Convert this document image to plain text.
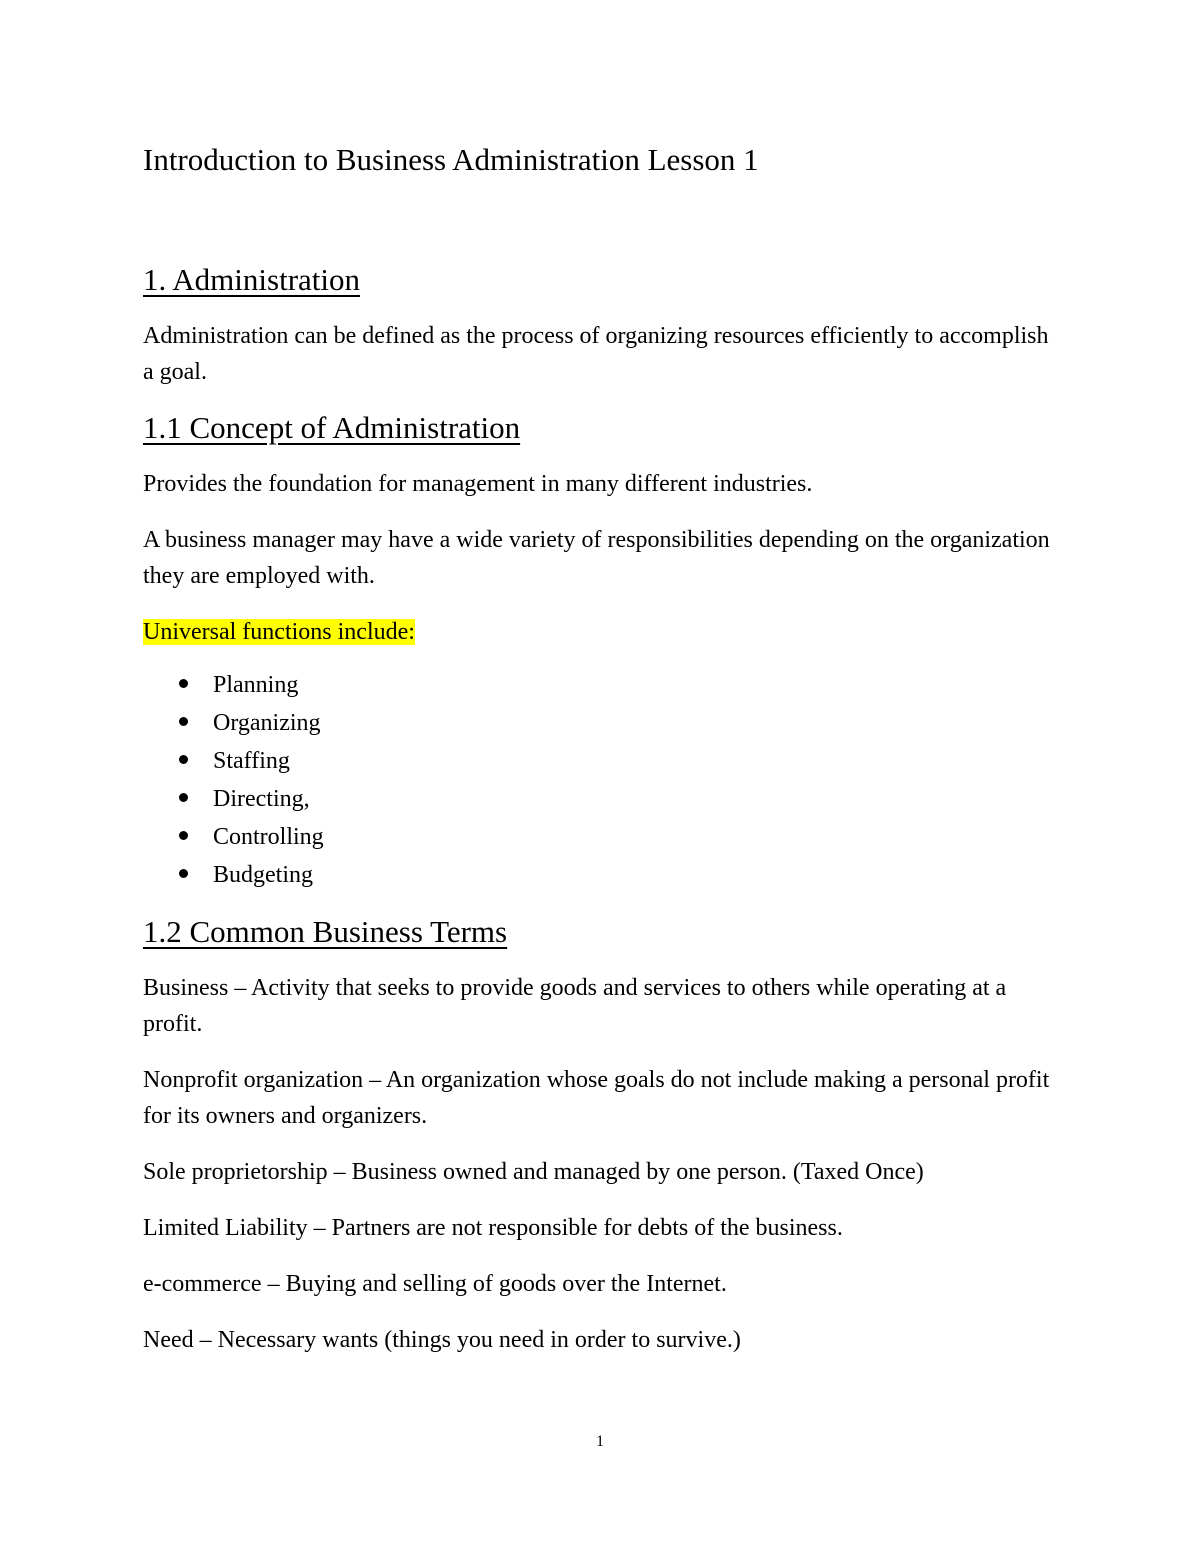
Introduction to Business Administration Lesson 1
1. Administration

Administration can be defined as the process of organizing resources efficiently to accomplish a goal.

1.1 Concept of Administration

Provides the foundation for management in many different industries.

A business manager may have a wide variety of responsibilities depending on the organization they are employed with.

Universal functions include:

Planning
Organizing
Staffing
Directing,
Controlling
Budgeting
1.2 Common Business Terms

Business – Activity that seeks to provide goods and services to others while operating at a profit.

Nonprofit organization – An organization whose goals do not include making a personal profit for its owners and organizers.

Sole proprietorship – Business owned and managed by one person. (Taxed Once)

Limited Liability – Partners are not responsible for debts of the business.

e-commerce – Buying and selling of goods over the Internet.

Need – Necessary wants (things you need in order to survive.)

1
